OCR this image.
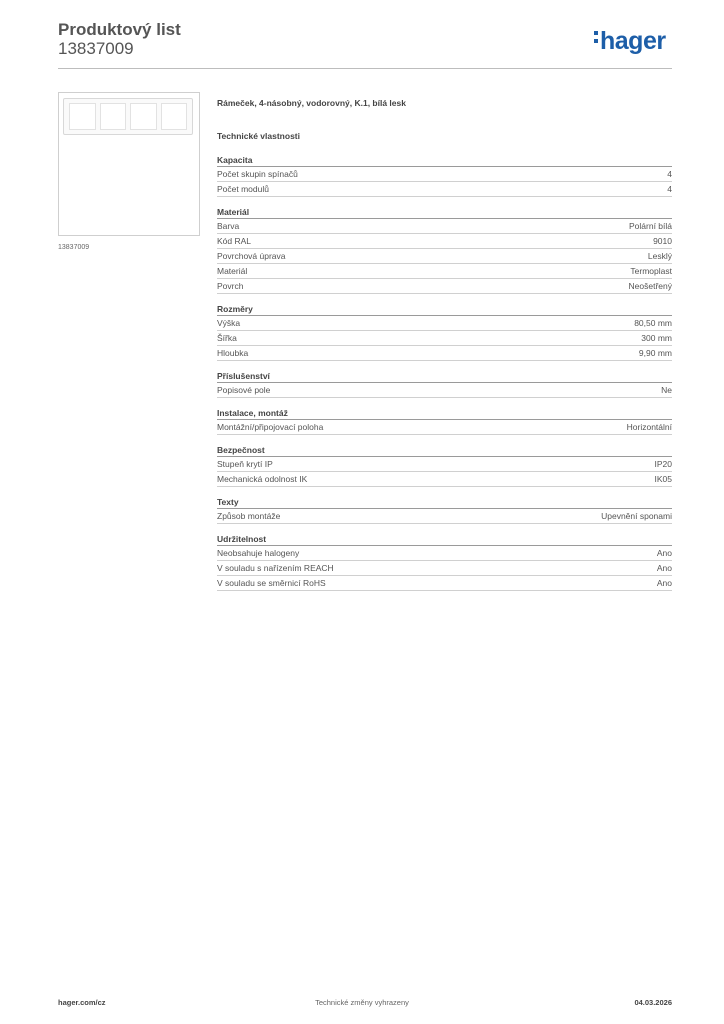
Produktový list
13837009	hager
13837009
Rámeček, 4-násobný, vodorovný, K.1, bílá lesk
Technické vlastnosti
Kapacita
Počet skupin spínačů	4
Počet modulů	4
Materiál
Barva	Polární bílá
Kód RAL	9010
Povrchová úprava	Lesklý
Materiál	Termoplast
Povrch	Neošetřený
Rozměry
Výška	80,50 mm
Šířka	300 mm
Hloubka	9,90 mm
Příslušenství
Popisové pole	Ne
Instalace, montáž
Montážní/připojovací poloha	Horizontální
Bezpečnost
Stupeň krytí IP	IP20
Mechanická odolnost IK	IK05
Texty
Způsob montáže	Upevnění sponami
Udržitelnost
Neobsahuje halogeny	Ano
V souladu s nařízením REACH	Ano
V souladu se směrnicí RoHS	Ano
hager.com/cz	Technické změny vyhrazeny	04.03.2026
